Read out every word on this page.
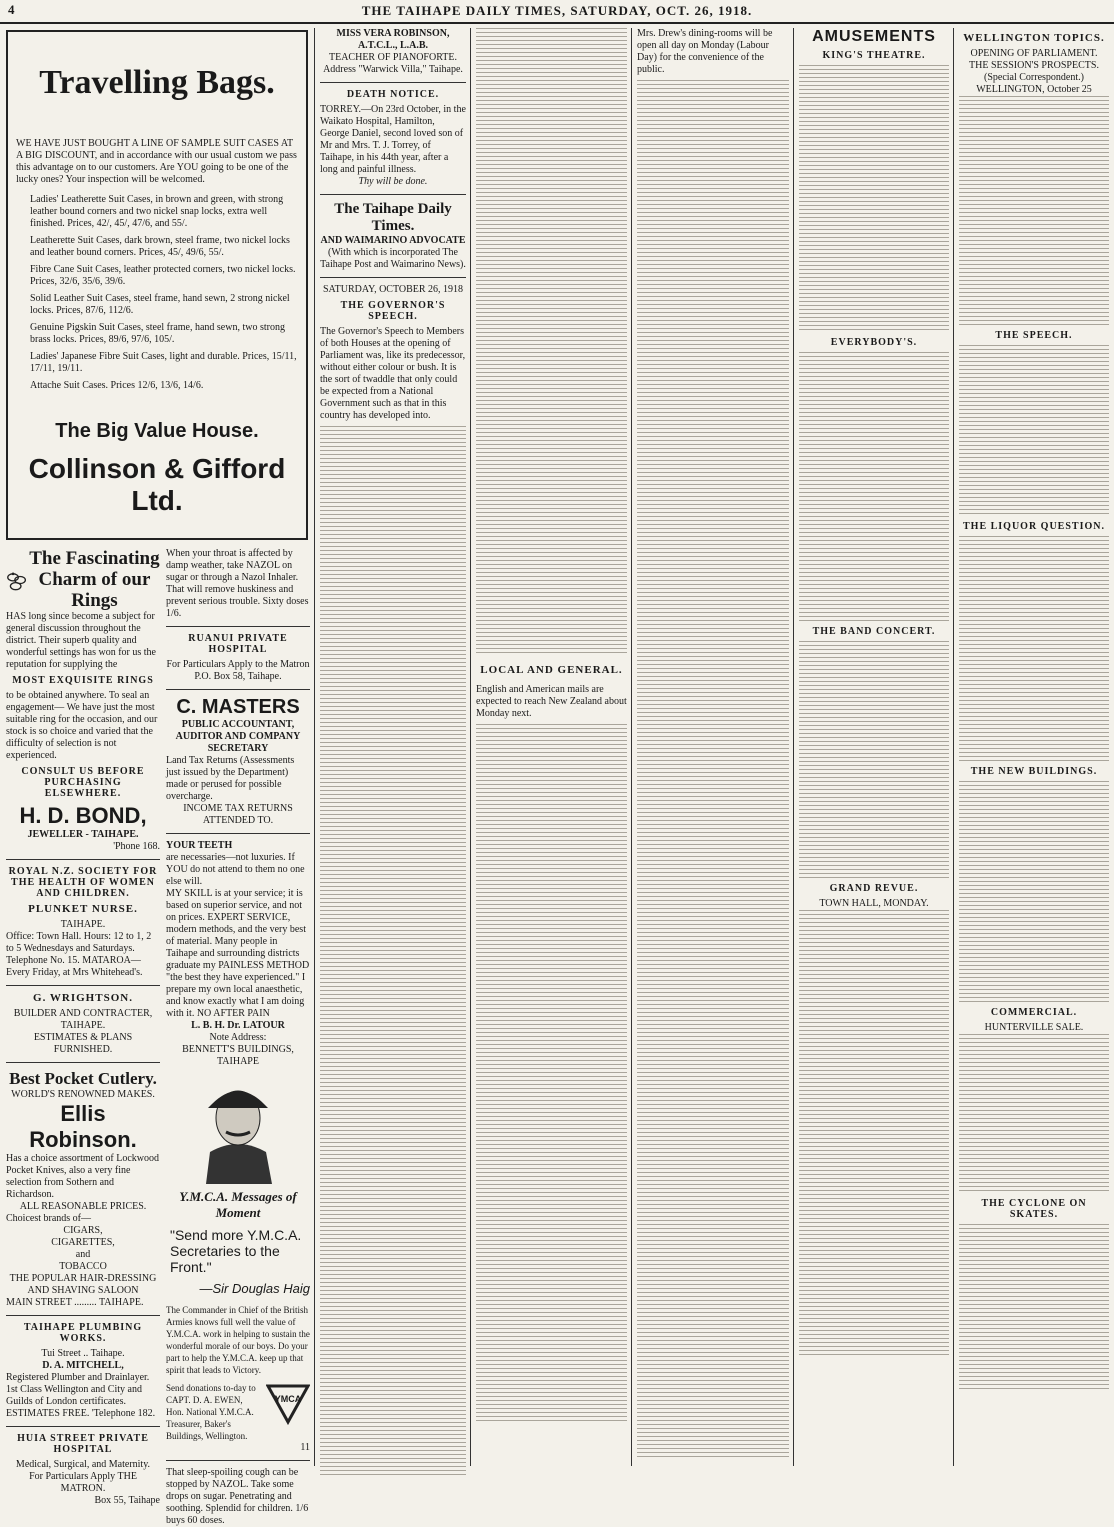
4	THE TAIHAPE DAILY TIMES, SATURDAY, OCT. 26, 1918.
Travelling Bags.
WE HAVE JUST BOUGHT A LINE OF SAMPLE SUIT CASES AT A BIG DISCOUNT, and in accordance with our usual custom we pass this advantage on to our customers. Are YOU going to be one of the lucky ones? Your inspection will be welcomed.
Ladies' Leatherette Suit Cases, in brown and green, with strong leather bound corners and two nickel snap locks, extra well finished. Prices, 42/, 45/, 47/6, and 55/.
Leatherette Suit Cases, dark brown, steel frame, two nickel locks and leather bound corners. Prices, 45/, 49/6, 55/.
Fibre Cane Suit Cases, leather protected corners, two nickel locks. Prices, 32/6, 35/6, 39/6.
Solid Leather Suit Cases, steel frame, hand sewn, 2 strong nickel locks. Prices, 87/6, 112/6.
Genuine Pigskin Suit Cases, steel frame, hand sewn, two strong brass locks. Prices, 89/6, 97/6, 105/.
Ladies' Japanese Fibre Suit Cases, light and durable. Prices, 15/11, 17/11, 19/11.
Attache Suit Cases. Prices 12/6, 13/6, 14/6.
The Big Value House.
Collinson & Gifford Ltd.
The Fascinating Charm of our Rings
HAS long since become a subject for general discussion throughout the district. Their superb quality and wonderful settings has won for us the reputation for supplying the
MOST EXQUISITE RINGS
to be obtained anywhere. To seal an engagement— We have just the most suitable ring for the occasion, and our stock is so choice and varied that the difficulty of selection is not experienced.
CONSULT US BEFORE PURCHASING ELSEWHERE.
H. D. BOND,
JEWELLER - TAIHAPE.
'Phone 168.
ROYAL N.Z. SOCIETY FOR THE HEALTH OF WOMEN AND CHILDREN.
PLUNKET NURSE.
TAIHAPE.
Office: Town Hall. Hours: 12 to 1, 2 to 5 Wednesdays and Saturdays. Telephone No. 15. MATAROA—Every Friday, at Mrs Whitehead's.
G. WRIGHTSON.
BUILDER AND CONTRACTER, TAIHAPE.
ESTIMATES & PLANS FURNISHED.
Best Pocket Cutlery.
WORLD'S RENOWNED MAKES.
Ellis Robinson.
Has a choice assortment of Lockwood Pocket Knives, also a very fine selection from Sothern and Richardson.
ALL REASONABLE PRICES.
Choicest brands of—
CIGARS,
CIGARETTES,
and
TOBACCO
THE POPULAR HAIR-DRESSING AND SHAVING SALOON
MAIN STREET ......... TAIHAPE.
TAIHAPE PLUMBING WORKS.
Tui Street .. Taihape.
D. A. MITCHELL,
Registered Plumber and Drainlayer. 1st Class Wellington and City and Guilds of London certificates. ESTIMATES FREE. 'Telephone 182.
HUIA STREET PRIVATE HOSPITAL
Medical, Surgical, and Maternity.
For Particulars Apply THE MATRON.
Box 55, Taihape
When your throat is affected by damp weather, take NAZOL on sugar or through a Nazol Inhaler. That will remove huskiness and prevent serious trouble. Sixty doses 1/6.
RUANUI PRIVATE HOSPITAL
For Particulars Apply to the Matron P.O. Box 58, Taihape.
C. MASTERS
PUBLIC ACCOUNTANT, AUDITOR AND COMPANY SECRETARY
Land Tax Returns (Assessments just issued by the Department) made or perused for possible overcharge.
INCOME TAX RETURNS ATTENDED TO.
YOUR TEETH
are necessaries—not luxuries. If YOU do not attend to them no one else will.
MY SKILL is at your service; it is based on superior service, and not on prices. EXPERT SERVICE, modern methods, and the very best of material. Many people in Taihape and surrounding districts graduate my PAINLESS METHOD "the best they have experienced." I prepare my own local anaesthetic, and know exactly what I am doing with it. NO AFTER PAIN
L. B. H. Dr. LATOUR
Note Address:
BENNETT'S BUILDINGS, TAIHAPE
Y.M.C.A. Messages of Moment
"Send more Y.M.C.A. Secretaries to the Front."
—Sir Douglas Haig
The Commander in Chief of the British Armies knows full well the value of Y.M.C.A. work in helping to sustain the wonderful morale of our boys. Do your part to help the Y.M.C.A. keep up that spirit that leads to Victory.
Send donations to-day to CAPT. D. A. EWEN, Hon. National Y.M.C.A. Treasurer, Baker's Buildings, Wellington.
YMCA
11
That sleep-spoiling cough can be stopped by NAZOL. Take some drops on sugar. Penetrating and soothing. Splendid for children. 1/6 buys 60 doses.
MISS VERA ROBINSON, A.T.C.L., L.A.B.
TEACHER OF PIANOFORTE.
Address "Warwick Villa," Taihape.
DEATH NOTICE.
TORREY.—On 23rd October, in the Waikato Hospital, Hamilton, George Daniel, second loved son of Mr and Mrs. T. J. Torrey, of Taihape, in his 44th year, after a long and painful illness.
Thy will be done.
The Taihape Daily Times.
AND WAIMARINO ADVOCATE
(With which is incorporated The Taihape Post and Waimarino News).
SATURDAY, OCTOBER 26, 1918
THE GOVERNOR'S SPEECH.
The Governor's Speech to Members of both Houses at the opening of Parliament was, like its predecessor, without either colour or bush. It is the sort of twaddle that only could be expected from a National Government such as that in this country has developed into.
LOCAL AND GENERAL.
English and American mails are expected to reach New Zealand about Monday next.
Mrs. Drew's dining-rooms will be open all day on Monday (Labour Day) for the convenience of the public.
AMUSEMENTS
KING'S THEATRE.
EVERYBODY'S.
THE BAND CONCERT.
GRAND REVUE.
TOWN HALL, MONDAY.
WELLINGTON TOPICS.
OPENING OF PARLIAMENT.
THE SESSION'S PROSPECTS.
(Special Correspondent.)
WELLINGTON, October 25
THE SPEECH.
THE LIQUOR QUESTION.
THE NEW BUILDINGS.
COMMERCIAL.
HUNTERVILLE SALE.
THE CYCLONE ON SKATES.
